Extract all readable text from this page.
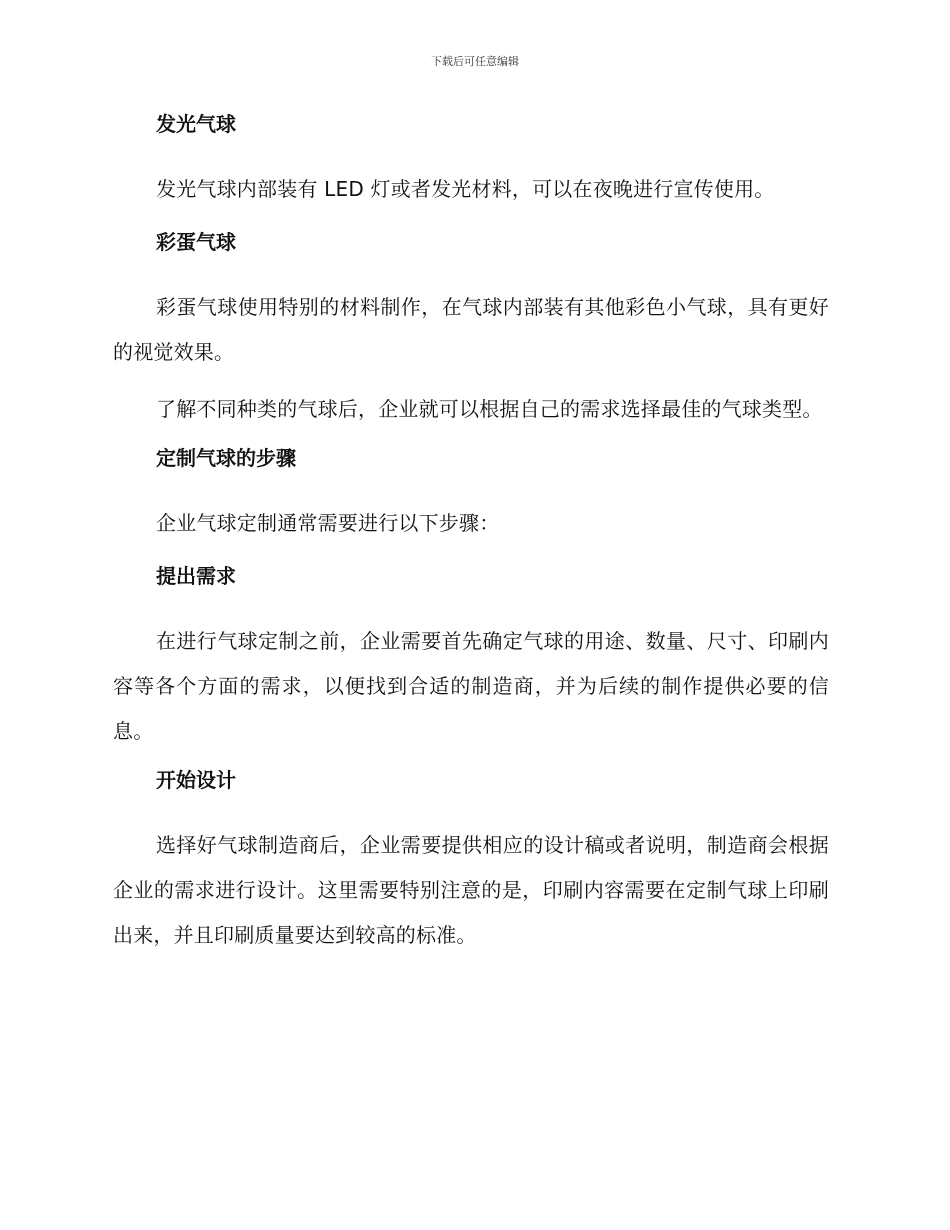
下载后可任意编辑
发光气球

发光气球内部装有 LED 灯或者发光材料，可以在夜晚进行宣传使用。

彩蛋气球

彩蛋气球使用特别的材料制作，在气球内部装有其他彩色小气球，具有更好的视觉效果。

了解不同种类的气球后，企业就可以根据自己的需求选择最佳的气球类型。

定制气球的步骤

企业气球定制通常需要进行以下步骤：

提出需求

在进行气球定制之前，企业需要首先确定气球的用途、数量、尺寸、印刷内容等各个方面的需求，以便找到合适的制造商，并为后续的制作提供必要的信息。

开始设计

选择好气球制造商后，企业需要提供相应的设计稿或者说明，制造商会根据企业的需求进行设计。这里需要特别注意的是，印刷内容需要在定制气球上印刷出来，并且印刷质量要达到较高的标准。
